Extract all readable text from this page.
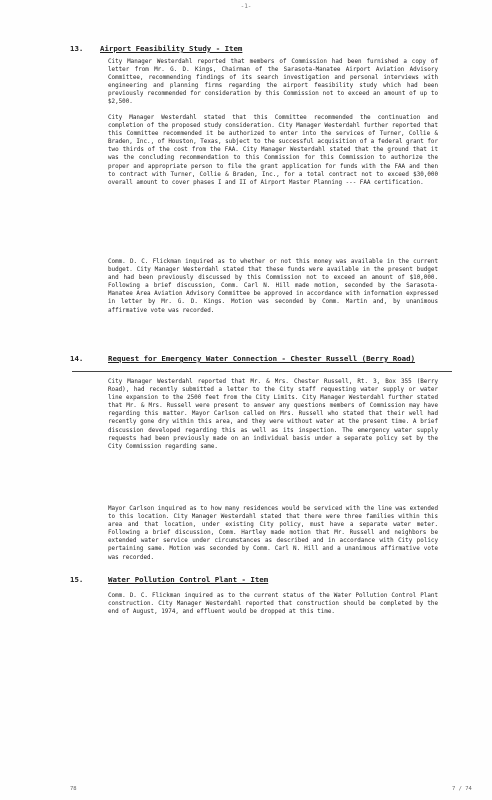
-1-
13. Airport Feasibility Study - Item

City Manager Westerdahl reported that members of Commission had been furnished a copy of letter from Mr. G. D. Kings, Chairman of the Sarasota-Manatee Airport Aviation Advisory Committee, recommending findings of its search investigation and personal interviews with engineering and planning firms regarding the airport feasibility study which had been previously recommended for consideration by this Commission not to exceed an amount of up to $2,500.

City Manager Westerdahl stated that this Committee recommended the continuation and completion of the proposed study consideration. City Manager Westerdahl further reported that this Committee recommended it be authorized to enter into the services of Turner, Collie & Braden, Inc., of Houston, Texas, subject to the successful acquisition of a federal grant for two thirds of the cost from the FAA. City Manager Westerdahl stated that the ground that it was the concluding recommendation to this Commission for this Commission to authorize the proper and appropriate person to file the grant application for funds with the FAA and then to contract with Turner, Collie & Braden, Inc., for a total contract not to exceed $30,000 overall amount to cover phases I and II of Airport Master Planning --- FAA certification.

Comm. D. C. Flickman inquired as to whether or not this money was available in the current budget. City Manager Westerdahl stated that these funds were available in the present budget and had been previously discussed by this Commission not to exceed an amount of $10,000. Following a brief discussion, Comm. Carl N. Hill made motion, seconded by the Sarasota-Manatee Area Aviation Advisory Committee be approved in accordance with information expressed in letter by Mr. G. D. Kings. Motion was seconded by Comm. Martin and, by unanimous affirmative vote was recorded.

14.	Request for Emergency Water Connection - Chester Russell (Berry Road)

City Manager Westerdahl reported that Mr. & Mrs. Chester Russell, Rt. 3, Box 355 (Berry Road), had recently submitted a letter to the City staff requesting water supply or water line expansion to the 2500 feet from the City Limits. City Manager Westerdahl further stated that Mr. & Mrs. Russell were present to answer any questions members of Commission may have regarding this matter. Mayor Carlson called on Mrs. Russell who stated that their well had recently gone dry within this area, and they were without water at the present time. A brief discussion developed regarding this as well as its inspection. The emergency water supply requests had been previously made on an individual basis under a separate policy set by the City Commission regarding same.

Mayor Carlson inquired as to how many residences would be serviced with the line was extended to this location. City Manager Westerdahl stated that there were three families within this area and that location, under existing City policy, must have a separate water meter. Following a brief discussion, Comm. Hartley made motion that Mr. Russell and neighbors be extended water service under circumstances as described and in accordance with City policy pertaining same. Motion was seconded by Comm. Carl N. Hill and a unanimous affirmative vote was recorded.

15.	Water Pollution Control Plant - Item

Comm. D. C. Flickman inquired as to the current status of the Water Pollution Control Plant construction. City Manager Westerdahl reported that construction should be completed by the end of August, 1974, and effluent would be dropped at this time.

78	7 / 74
